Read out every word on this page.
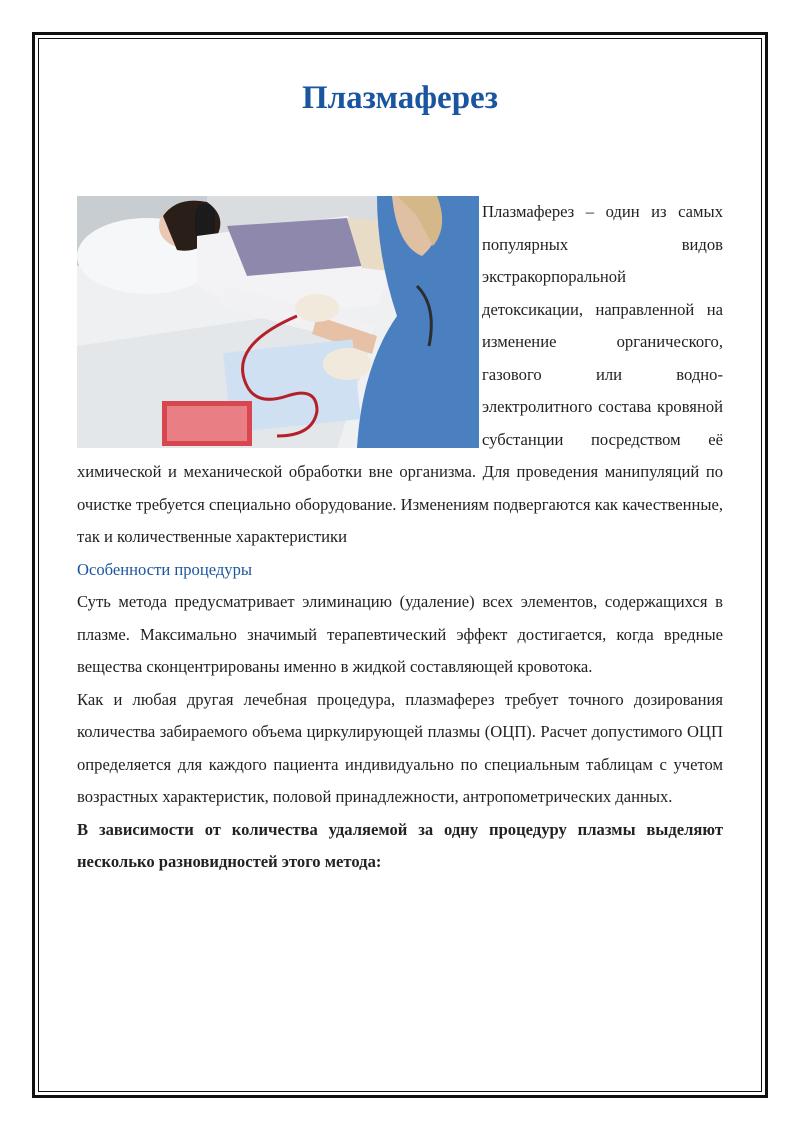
Плазмаферез

Плазмаферез – один из самых популярных видов экстракорпоральной детоксикации, направленной на изменение органического, газового или водно-электролитного состава кровяной субстанции посредством её химической и механической обработки вне организма. Для проведения манипуляций по очистке требуется специально оборудование. Изменениям подвергаются как качественные, так и количественные характеристики

Особенности процедуры

Суть метода предусматривает элиминацию (удаление) всех элементов, содержащихся в плазме. Максимально значимый терапевтический эффект достигается, когда вредные вещества сконцентрированы именно в жидкой составляющей кровотока.

Как и любая другая лечебная процедура, плазмаферез требует точного дозирования количества забираемого объема циркулирующей плазмы (ОЦП). Расчет допустимого ОЦП определяется для каждого пациента индивидуально по специальным таблицам с учетом возрастных характеристик, половой принадлежности, антропометрических данных.

В зависимости от количества удаляемой за одну процедуру плазмы выделяют несколько разновидностей этого метода:
